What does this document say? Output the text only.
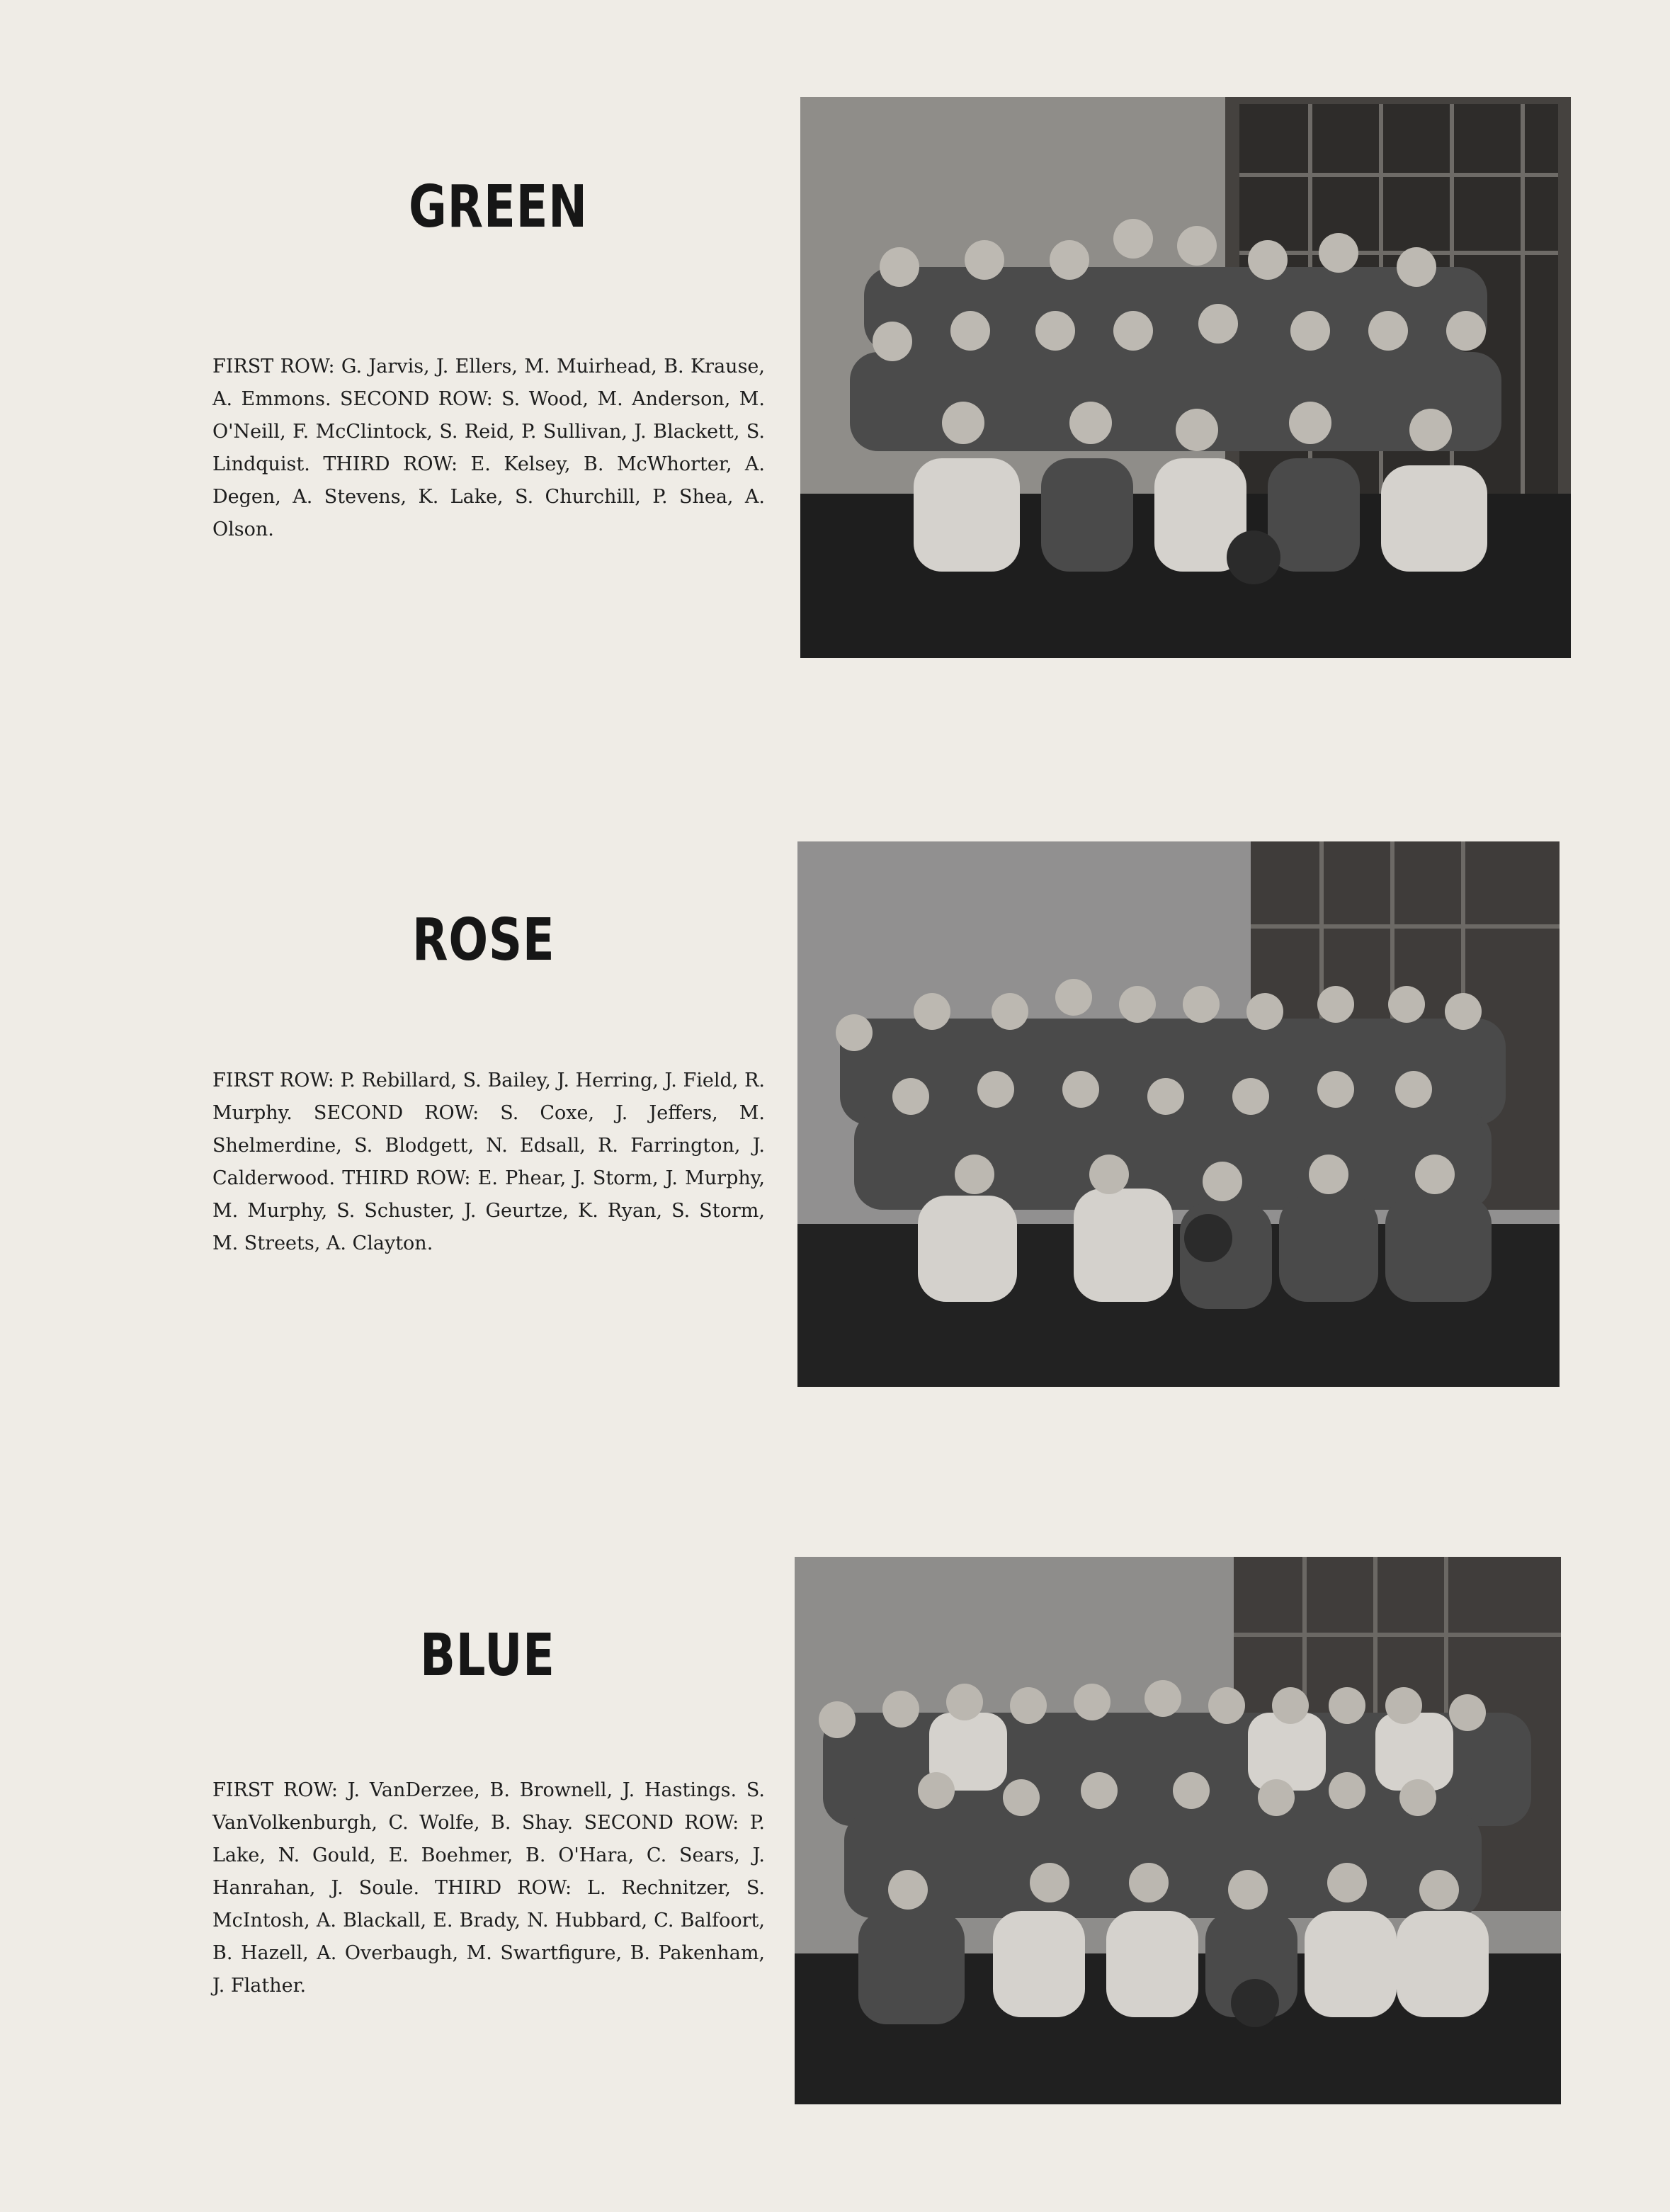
GREEN

FIRST ROW: G. Jarvis, J. Ellers, M. Muirhead, B. Krause, A. Emmons. SECOND ROW: S. Wood, M. Anderson, M. O'Neill, F. McClintock, S. Reid, P. Sullivan, J. Blackett, S. Lindquist. THIRD ROW: E. Kelsey, B. McWhorter, A. Degen, A. Stevens, K. Lake, S. Churchill, P. Shea, A. Olson.

ROSE

FIRST ROW: P. Rebillard, S. Bailey, J. Herring, J. Field, R. Murphy. SECOND ROW: S. Coxe, J. Jeffers, M. Shelmerdine, S. Blodgett, N. Edsall, R. Farrington, J. Calderwood. THIRD ROW: E. Phear, J. Storm, J. Murphy, M. Murphy, S. Schuster, J. Geurtze, K. Ryan, S. Storm, M. Streets, A. Clayton.

BLUE

FIRST ROW: J. VanDerzee, B. Brownell, J. Hastings. S. VanVolkenburgh, C. Wolfe, B. Shay. SECOND ROW: P. Lake, N. Gould, E. Boehmer, B. O'Hara, C. Sears, J. Hanrahan, J. Soule. THIRD ROW: L. Rechnitzer, S. McIntosh, A. Blackall, E. Brady, N. Hubbard, C. Balfoort, B. Hazell, A. Overbaugh, M. Swartfigure, B. Pakenham, J. Flather.
